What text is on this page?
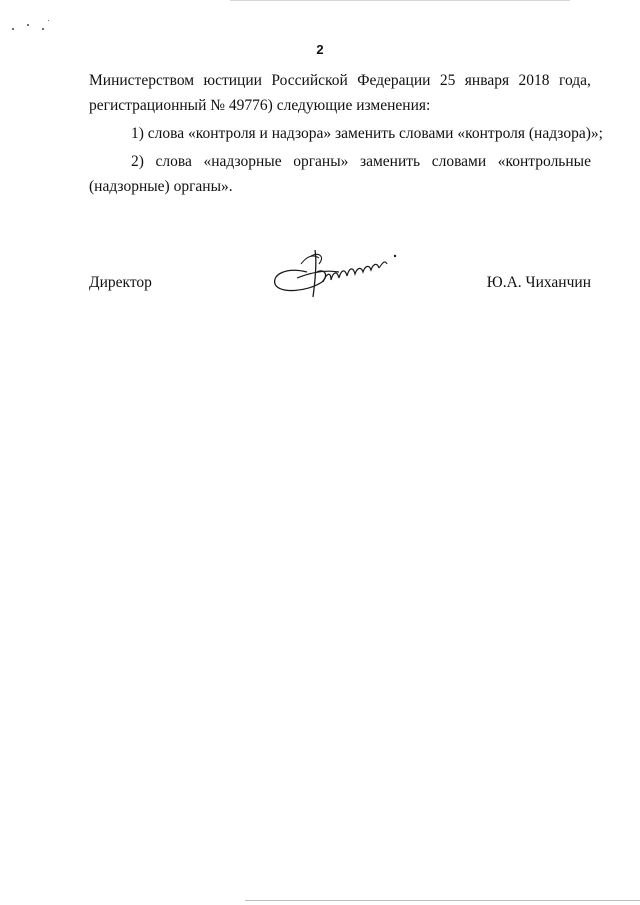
2
Министерством юстиции Российской Федерации 25 января 2018 года,
регистрационный № 49776) следующие изменения:
1) слова «контроля и надзора» заменить словами «контроля (надзора)»;
2) слова «надзорные органы» заменить словами «контрольные
(надзорные) органы».
Директор	Ю.А. Чиханчин
